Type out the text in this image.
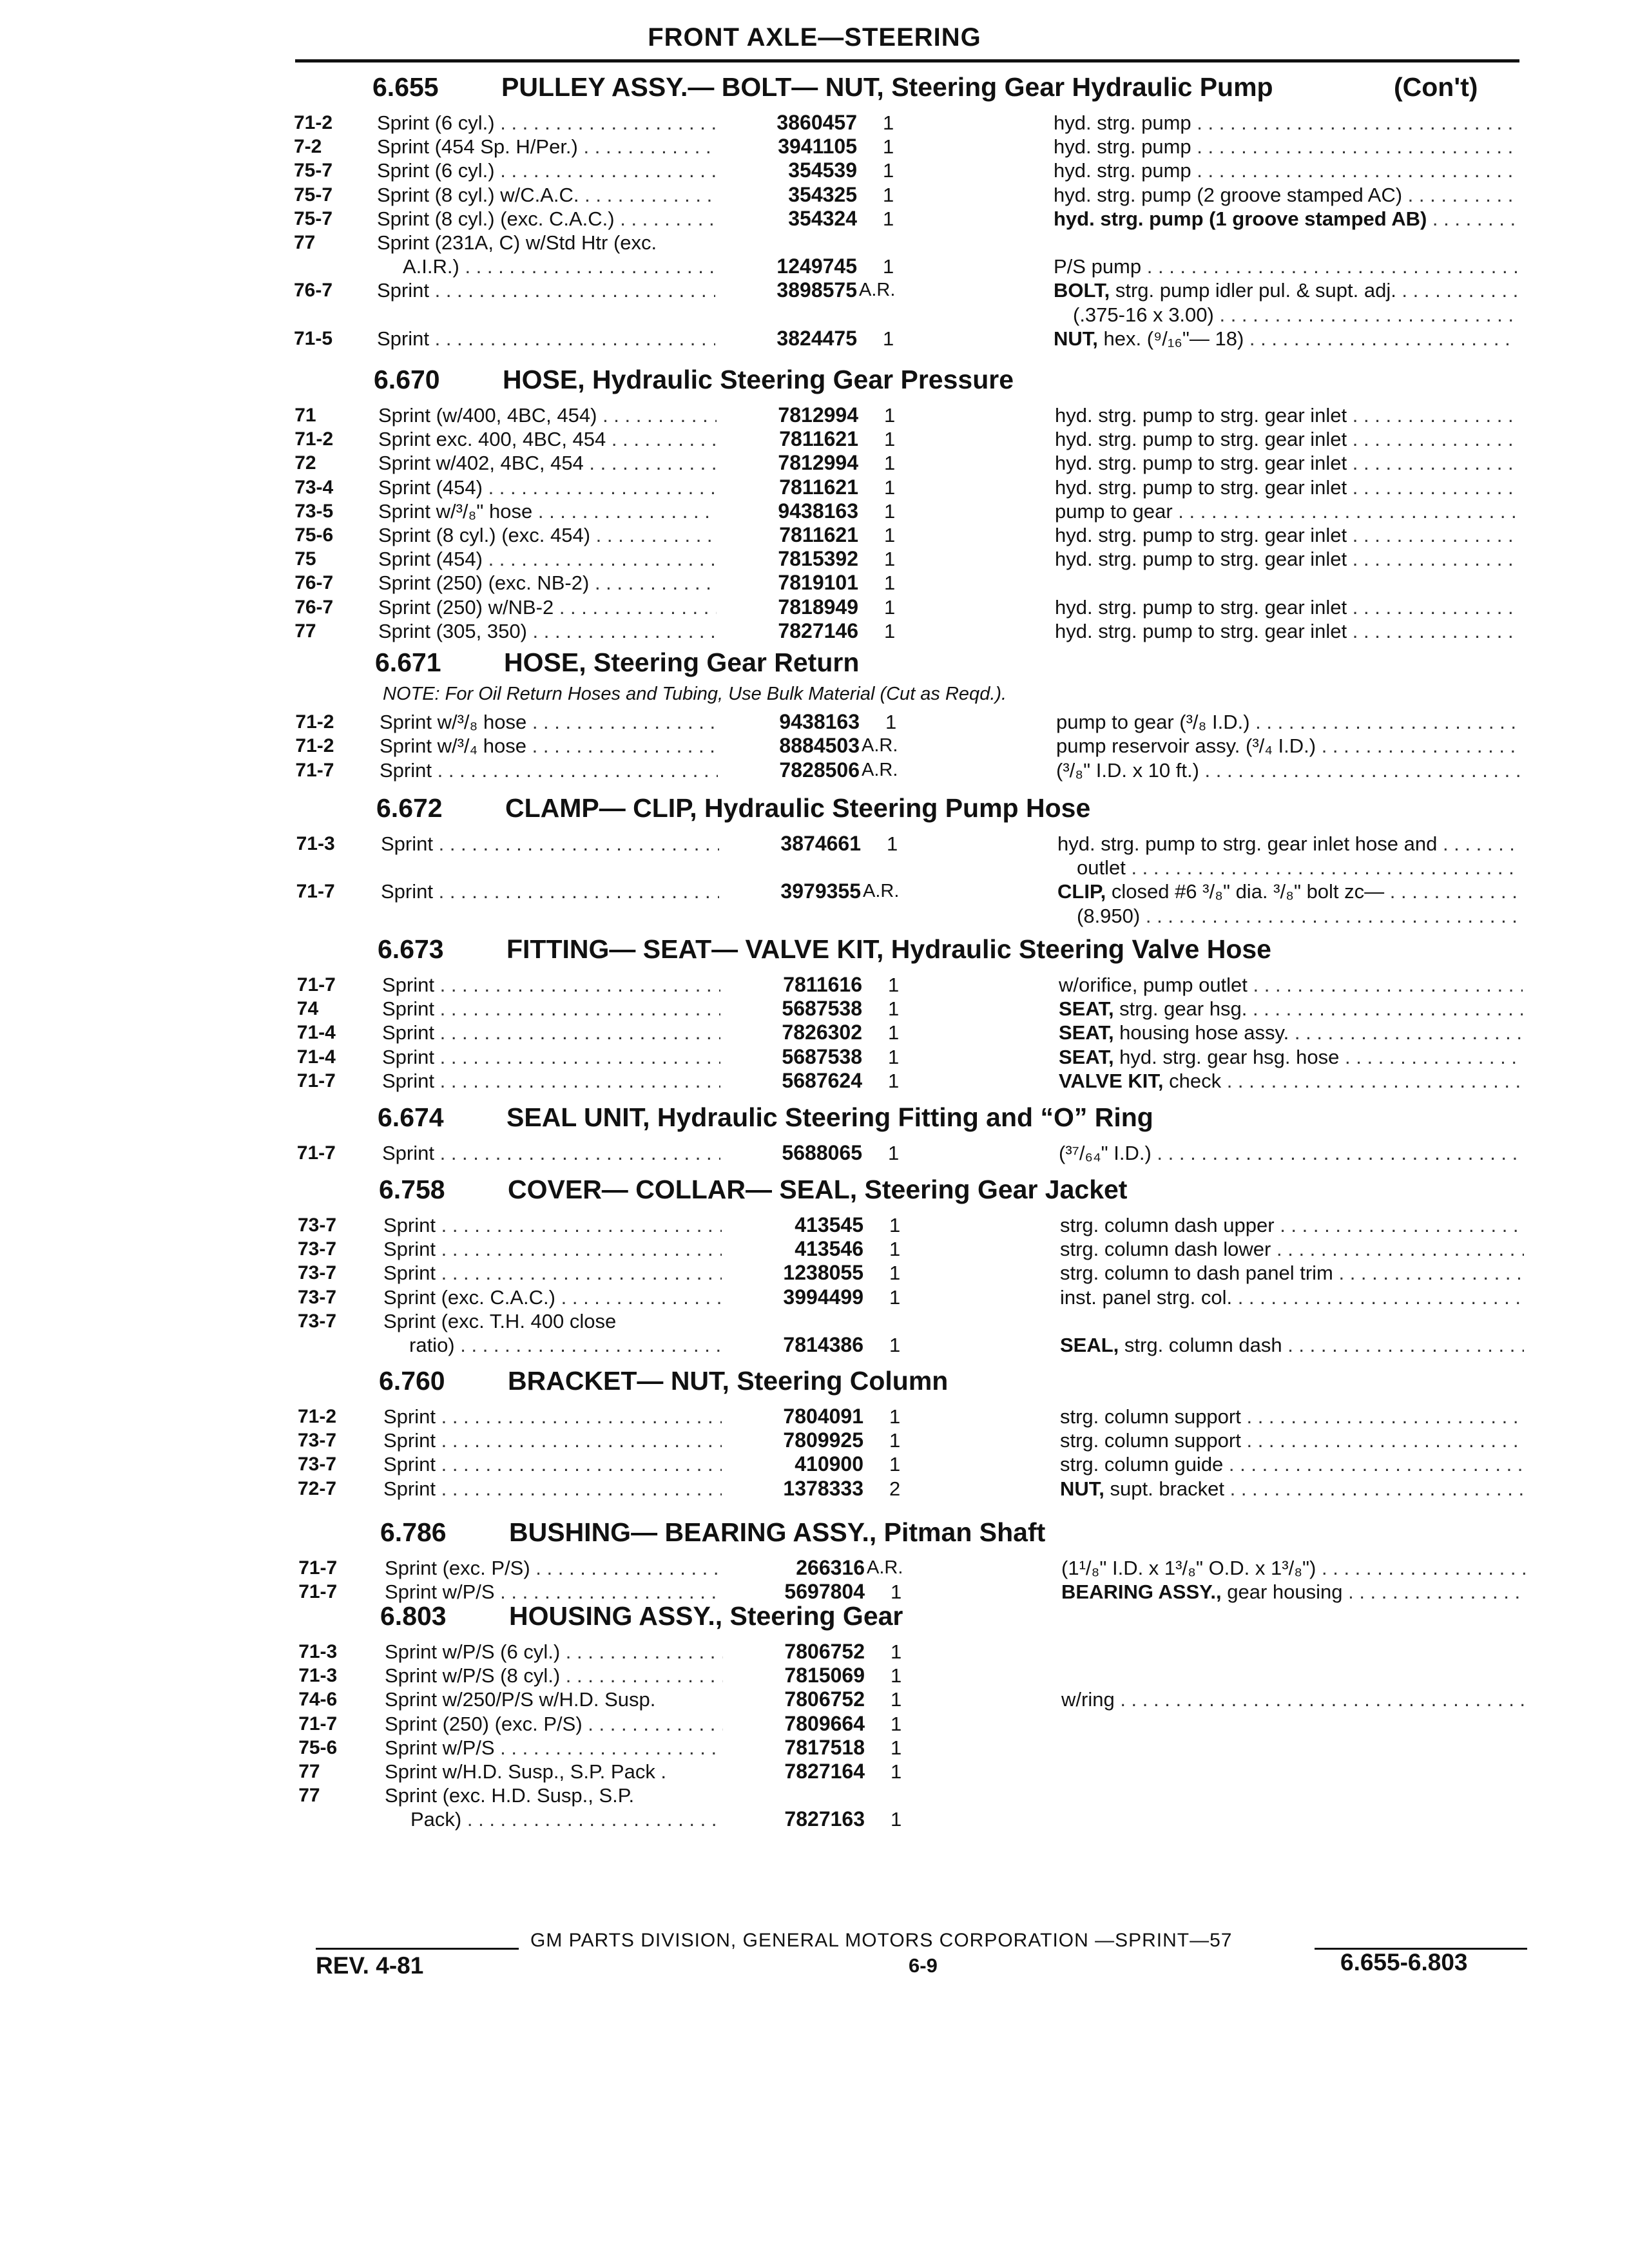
FRONT AXLE—STEERING
6.655	PULLEY ASSY.— BOLT— NUT, Steering Gear Hydraulic Pump	(Con't)
71-2 Sprint (6 cyl.) . . .	3860457 1	hyd. strg. pump . . .
7-2	Sprint (454 Sp. H/Per.) . . .	3941105 1	hyd. strg. pump . . .
75-7 Sprint (6 cyl.) . . .	354539 1	hyd. strg. pump . . .
75-7 Sprint (8 cyl.) w/C.A.C. . . .	354325 1	hyd. strg. pump (2 groove stamped AC) . . .
75-7 Sprint (8 cyl.) (exc. C.A.C.) . . .	354324 1	hyd. strg. pump (1 groove stamped AB) . . .
77	Sprint (231A, C) w/Std Htr (exc.
A.I.R.) . . .	1249745 1	P/S pump . . .
76-7 Sprint . . .	3898575 A.R.	BOLT, strg. pump idler pul. & supt. adj. . . .
(.375-16 x 3.00) . . .
71-5 Sprint . . .	3824475 1	NUT, hex. (⁹/₁₆"— 18) . . .
6.670	HOSE, Hydraulic Steering Gear Pressure
71	Sprint (w/400, 4BC, 454) . . .	7812994 1	hyd. strg. pump to strg. gear inlet . . .
71-2 Sprint exc. 400, 4BC, 454 . . .	7811621 1	hyd. strg. pump to strg. gear inlet . . .
72	Sprint w/402, 4BC, 454 . . .	7812994 1	hyd. strg. pump to strg. gear inlet . . .
73-4 Sprint (454) . . .	7811621 1	hyd. strg. pump to strg. gear inlet . . .
73-5 Sprint w/³/₈" hose . . .	9438163 1	pump to gear . . .
75-6 Sprint (8 cyl.) (exc. 454) . . .	7811621 1	hyd. strg. pump to strg. gear inlet . . .
75	Sprint (454) . . .	7815392 1	hyd. strg. pump to strg. gear inlet . . .
76-7 Sprint (250) (exc. NB-2) . . .	7819101 1
76-7 Sprint (250) w/NB-2 . . .	7818949 1	hyd. strg. pump to strg. gear inlet . . .
77	Sprint (305, 350) . . .	7827146 1	hyd. strg. pump to strg. gear inlet . . .
6.671	HOSE, Steering Gear Return
NOTE: For Oil Return Hoses and Tubing, Use Bulk Material (Cut as Reqd.).
71-2 Sprint w/³/₈ hose . . .	9438163 1	pump to gear (³/₈ I.D.) . . .
71-2 Sprint w/³/₄ hose . . .	8884503 A.R.	pump reservoir assy. (³/₄ I.D.) . . .
71-7 Sprint . . .	7828506 A.R.	(³/₈" I.D. x 10 ft.) . . .
6.672	CLAMP— CLIP, Hydraulic Steering Pump Hose
71-3 Sprint . . .	3874661 1	hyd. strg. pump to strg. gear inlet hose and . . .
outlet . . .
71-7 Sprint . . .	3979355 A.R.	CLIP, closed #6 ³/₈" dia. ³/₈" bolt zc— . . .
(8.950) . . .
6.673	FITTING— SEAT— VALVE KIT, Hydraulic Steering Valve Hose
71-7 Sprint . . .	7811616 1	w/orifice, pump outlet . . .
74	Sprint . . .	5687538 1	SEAT, strg. gear hsg. . . .
71-4 Sprint . . .	7826302 1	SEAT, housing hose assy. . . .
71-4 Sprint . . .	5687538 1	SEAT, hyd. strg. gear hsg. hose . . .
71-7 Sprint . . .	5687624 1	VALVE KIT, check . . .
6.674	SEAL UNIT, Hydraulic Steering Fitting and “O” Ring
71-7 Sprint . . .	5688065 1	(³⁷/₆₄" I.D.) . . .
6.758	COVER— COLLAR— SEAL, Steering Gear Jacket
73-7 Sprint . . .	413545 1	strg. column dash upper . . .
73-7 Sprint . . .	413546 1	strg. column dash lower . . .
73-7 Sprint . . .	1238055 1	strg. column to dash panel trim . . .
73-7 Sprint (exc. C.A.C.) . . .	3994499 1	inst. panel strg. col. . . .
73-7 Sprint (exc. T.H. 400 close
ratio) . . .	7814386 1	SEAL, strg. column dash . . .
6.760	BRACKET— NUT, Steering Column
71-2 Sprint . . .	7804091 1	strg. column support . . .
73-7 Sprint . . .	7809925 1	strg. column support . . .
73-7 Sprint . . .	410900 1	strg. column guide . . .
72-7 Sprint . . .	1378333 2	NUT, supt. bracket . . .
6.786	BUSHING— BEARING ASSY., Pitman Shaft
71-7 Sprint (exc. P/S) . . .	266316 A.R.	(1¹/₈" I.D. x 1³/₈" O.D. x 1³/₈") . . .
71-7 Sprint w/P/S . . .	5697804 1	BEARING ASSY., gear housing . . .
6.803	HOUSING ASSY., Steering Gear
71-3 Sprint w/P/S (6 cyl.) . . .	7806752 1
71-3 Sprint w/P/S (8 cyl.) . . .	7815069 1
74-6 Sprint w/250/P/S w/H.D. Susp.	7806752 1	w/ring . . .
71-7 Sprint (250) (exc. P/S) . . .	7809664 1
75-6 Sprint w/P/S . . .	7817518 1
77	Sprint w/H.D. Susp., S.P. Pack .	7827164 1
77	Sprint (exc. H.D. Susp., S.P.
Pack) . . .	7827163 1
GM PARTS DIVISION, GENERAL MOTORS CORPORATION —SPRINT—57
REV. 4-81	6-9	6.655-6.803
